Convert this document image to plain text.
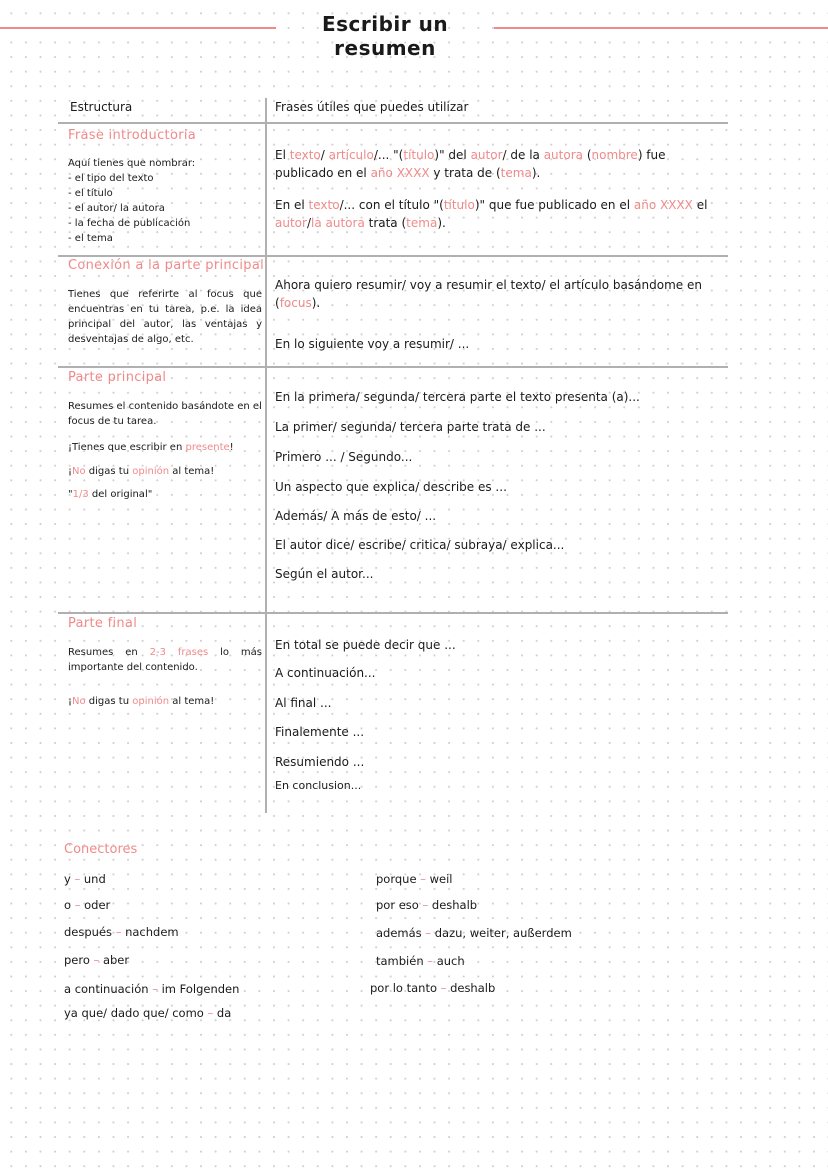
Escribir un resumen
Estructura	Frases útiles que puedes utilizar
Frase introductoria
Aquí tienes que nombrar:
- el tipo del texto
- el título
- el autor/ la autora
- la fecha de publicación
- el tema
El texto/ artículo/... "(título)" del autor/ de la autora (nombre) fue publicado en el año XXXX y trata de (tema).
En el texto/... con el título "(título)" que fue publicado en el año XXXX el autor/la autora trata (tema).
Conexión a la parte principal
Tienes que referirte al focus que encuentras en tu tarea, p.e. la idea principal del autor, las ventajas y desventajas de algo, etc.
Ahora quiero resumir/ voy a resumir el texto/ el artículo basándome en (focus).
En lo siguiente voy a resumir/ ...
Parte principal
Resumes el contenido basándote en el focus de tu tarea.
¡Tienes que escribir en presente!
¡No digas tu opinión al tema!
"1/3 del original"
En la primera/ segunda/ tercera parte el texto presenta (a)...
La primer/ segunda/ tercera parte trata de ...
Primero ... / Segundo...
Un aspecto que explica/ describe es ...
Además/ A más de esto/ ...
El autor dice/ escribe/ critica/ subraya/ explica...
Según el autor...
Parte final
Resumes en 2-3 frases lo más importante del contenido.
¡No digas tu opinión al tema!
En total se puede decir que ...
A continuación...
Al final ...
Finalemente ...
Resumiendo ...
En conclusion...
Conectores
y – und
o – oder
después – nachdem
pero – aber
a continuación – im Folgenden
ya que/ dado que/ como – da
porque – weil
por eso – deshalb
además – dazu, weiter, außerdem
también – auch
por lo tanto – deshalb
